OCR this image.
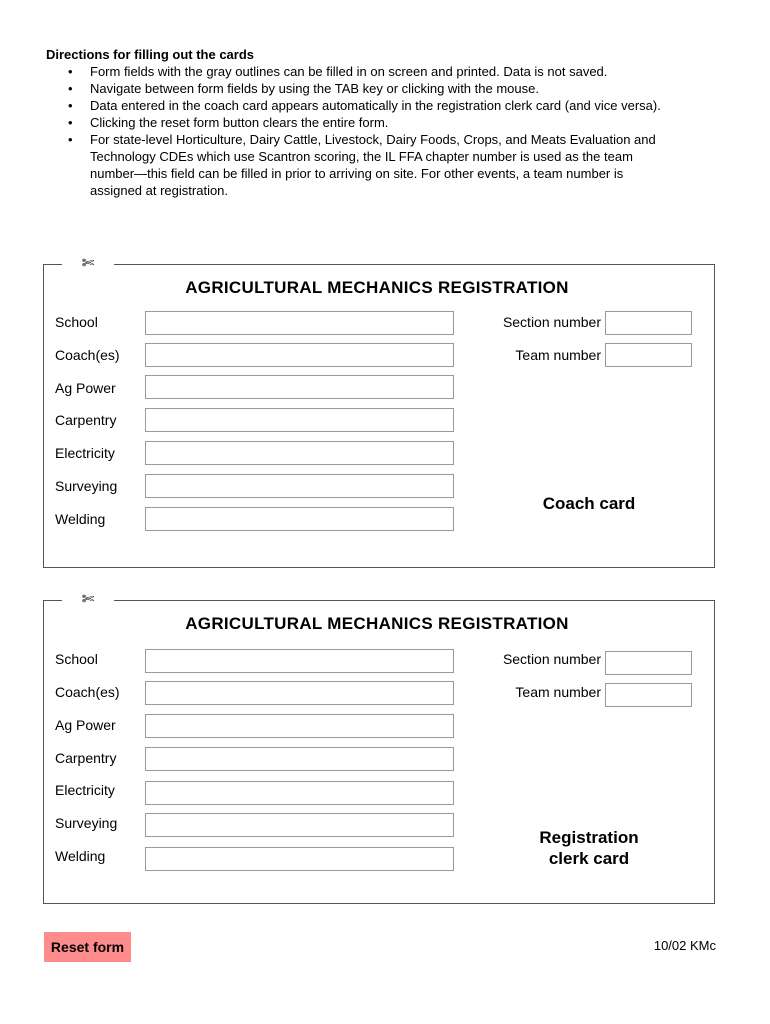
Directions for filling out the cards
• Form fields with the gray outlines can be filled in on screen and printed. Data is not saved.
• Navigate between form fields by using the TAB key or clicking with the mouse.
• Data entered in the coach card appears automatically in the registration clerk card (and vice versa).
• Clicking the reset form button clears the entire form.
• For state-level Horticulture, Dairy Cattle, Livestock, Dairy Foods, Crops, and Meats Evaluation and Technology CDEs which use Scantron scoring, the IL FFA chapter number is used as the team number—this field can be filled in prior to arriving on site. For other events, a team number is assigned at registration.
✄
AGRICULTURAL MECHANICS REGISTRATION
School
Coach(es)
Ag Power
Carpentry
Electricity
Surveying
Welding
Section number
Team number
Coach card
✄
AGRICULTURAL MECHANICS REGISTRATION
School
Coach(es)
Ag Power
Carpentry
Electricity
Surveying
Welding
Section number
Team number
Registration
clerk card
Reset form	10/02 KMc
